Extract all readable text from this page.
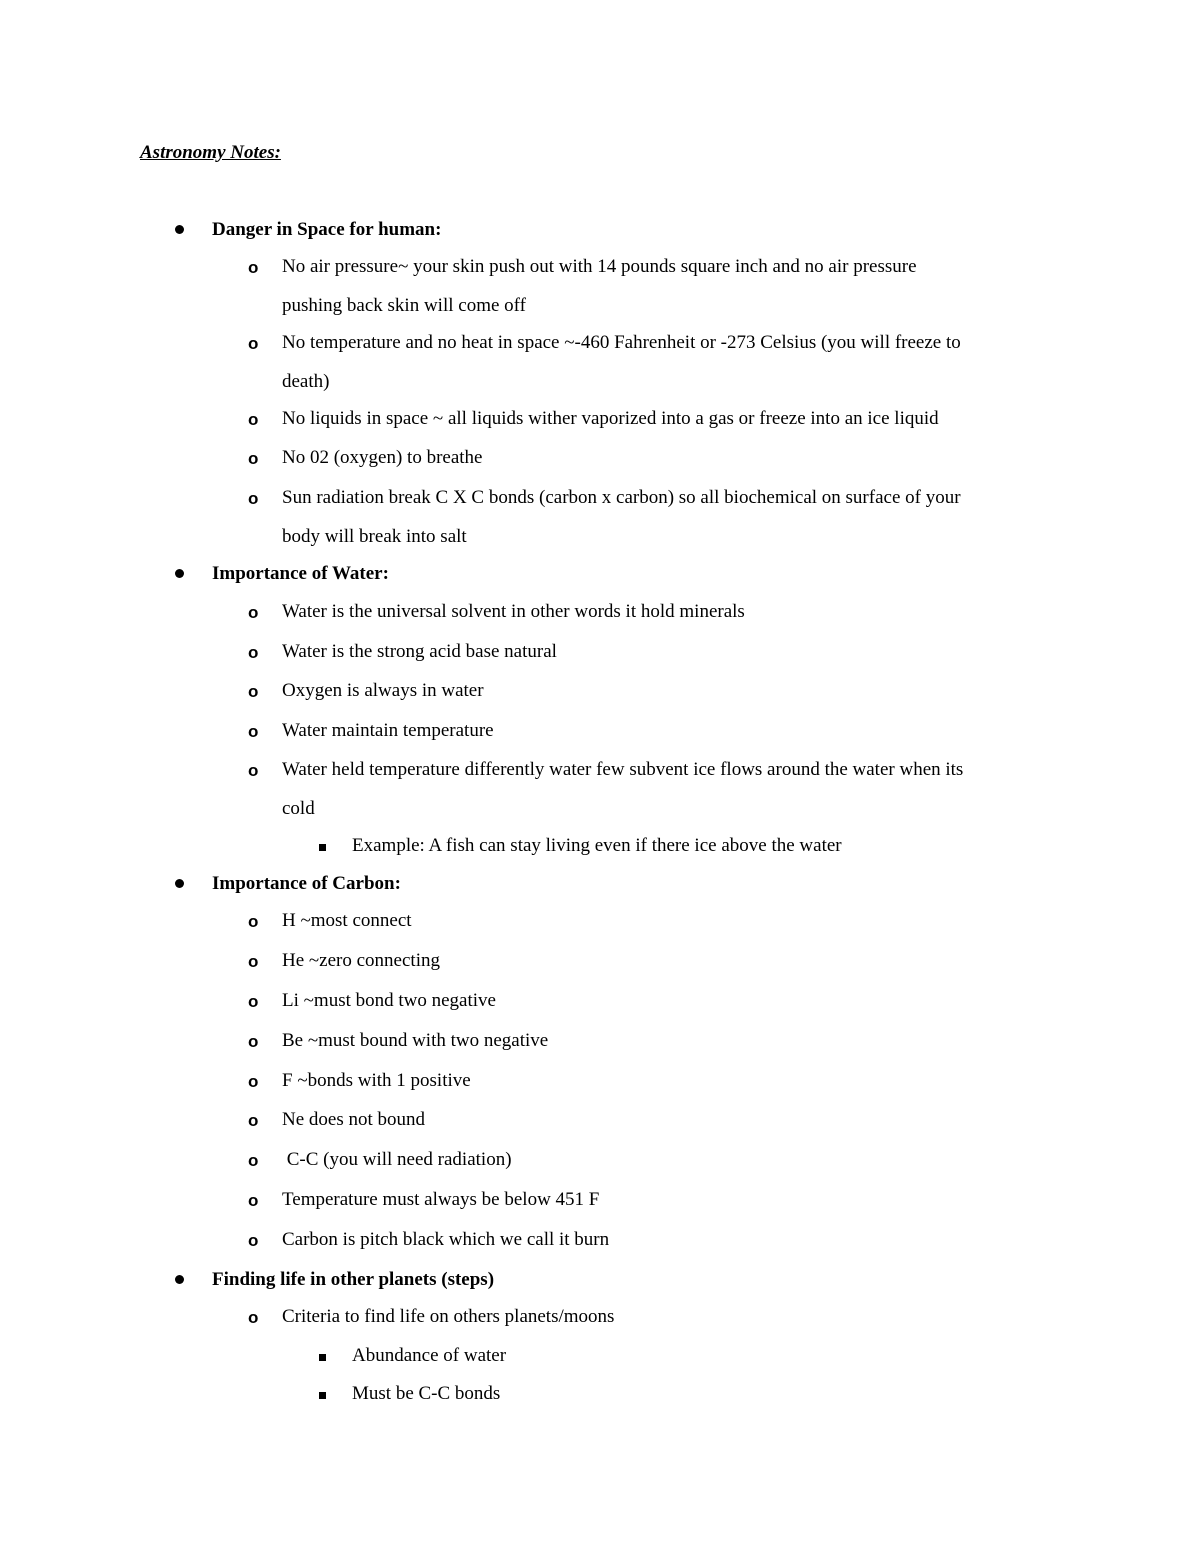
Astronomy Notes:
Danger in Space for human:
o No air pressure~ your skin push out with 14 pounds square inch and no air pressure
pushing back skin will come off
o No temperature and no heat in space ~-460 Fahrenheit or -273 Celsius (you will freeze to
death)
o No liquids in space ~ all liquids wither vaporized into a gas or freeze into an ice liquid
o No 02 (oxygen) to breathe
o Sun radiation break C X C bonds (carbon x carbon) so all biochemical on surface of your
body will break into salt
Importance of Water:
o Water is the universal solvent in other words it hold minerals
o Water is the strong acid base natural
o Oxygen is always in water
o Water maintain temperature
o Water held temperature differently water few subvent ice flows around the water when its
cold
Example: A fish can stay living even if there ice above the water
Importance of Carbon:
o H ~most connect
o He ~zero connecting
o Li ~must bond two negative
o Be ~must bound with two negative
o F ~bonds with 1 positive
o Ne does not bound
o C-C (you will need radiation)
o Temperature must always be below 451 F
o Carbon is pitch black which we call it burn
Finding life in other planets (steps)
o Criteria to find life on others planets/moons
Abundance of water
Must be C-C bonds
